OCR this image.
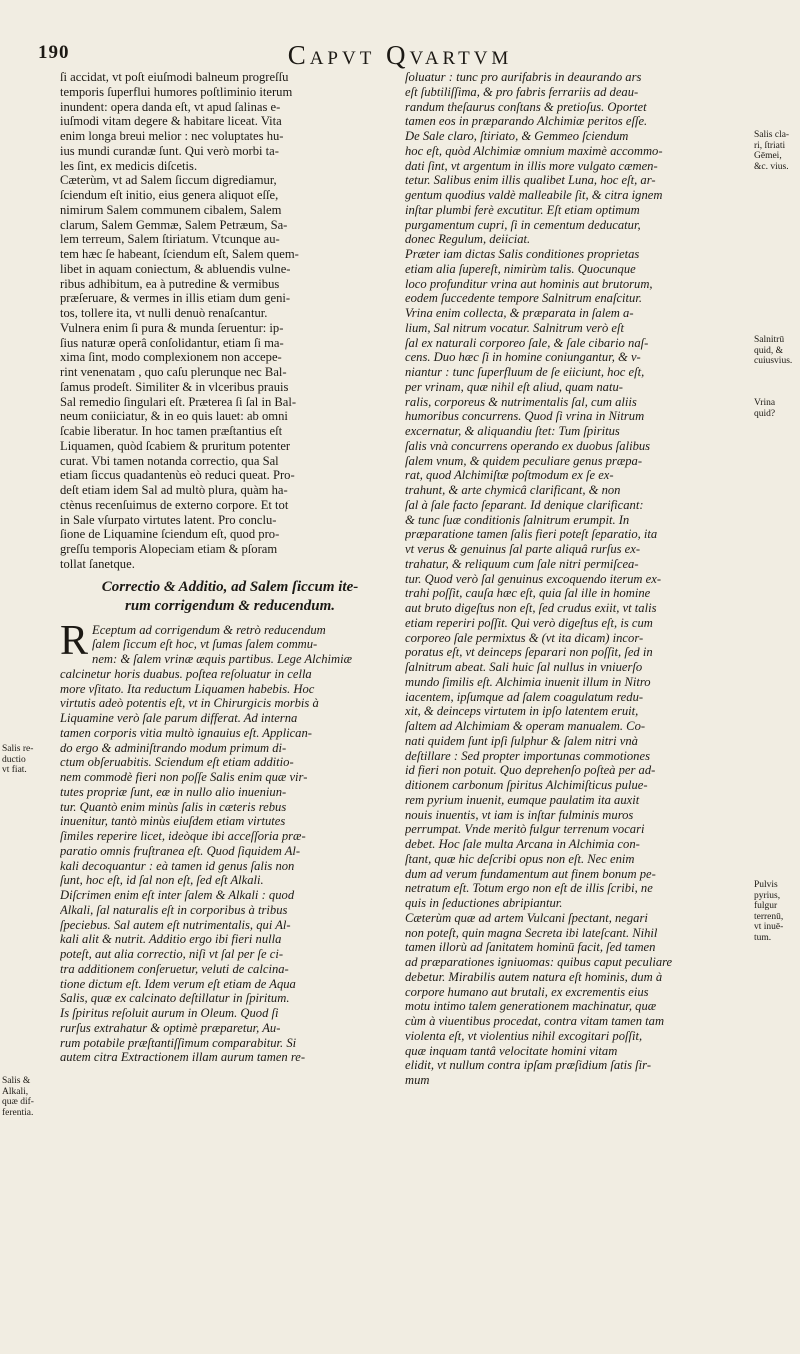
190	Capvt Qvartvm
ſi accidat, vt poſt eiuſmodi balneum progreſſu
temporis ſuperflui humores poſtliminio iterum
inundent: opera danda eſt, vt apud ſalinas e-
iuſmodi vitam degere & habitare liceat. Vita
enim longa breui melior : nec voluptates hu-
ius mundi curandæ ſunt. Qui verò morbi ta-
les ſint, ex medicis diſcetis.
Cæterùm, vt ad Salem ſiccum digrediamur,
ſciendum eſt initio, eius genera aliquot eſſe,
nimirum Salem communem cibalem, Salem
clarum, Salem Gemmæ, Salem Petræum, Sa-
lem terreum, Salem ſtiriatum. Vtcunque au-
tem hæc ſe habeant, ſciendum eſt, Salem quem-
libet in aquam coniectum, & abluendis vulne-
ribus adhibitum, ea à putredine & vermibus
præſeruare, & vermes in illis etiam dum geni-
tos, tollere ita, vt nulli denuò renaſcantur.
Vulnera enim ſi pura & munda ſeruentur: ip-
ſius naturæ operâ conſolidantur, etiam ſi ma-
xima ſint, modo complexionem non accepe-
rint venenatam , quo caſu plerunque nec Bal-
ſamus prodeſt. Similiter & in vlceribus prauis
Sal remedio ſingulari eſt. Præterea ſi ſal in Bal-
neum coniiciatur, & in eo quis lauet: ab omni
ſcabie liberatur. In hoc tamen præſtantius eſt
Liquamen, quòd ſcabiem & pruritum potenter
curat. Vbi tamen notanda correctio, qua Sal
etiam ſiccus quadantenùs eò reduci queat. Pro-
deſt etiam idem Sal ad multò plura, quàm ha-
ctènus recenſuimus de externo corpore. Et tot
in Sale vſurpato virtutes latent. Pro conclu-
ſione de Liquamine ſciendum eſt, quod pro-
greſſu temporis Alopeciam etiam & pſoram
tollat ſanetque.
Correctio & Additio, ad Salem ſiccum ite-
rum corrigendum & reducendum.
R Eceptum ad corrigendum & retrò reducendum
ſalem ſiccum eſt hoc, vt ſumas ſalem commu-
nem: & ſalem vrinæ æquis partibus. Lege Alchimiæ
calcinetur horis duabus. poſtea reſoluatur in cella
more vſitato. Ita reductum Liquamen habebis. Hoc
virtutis adeò potentis eſt, vt in Chirurgicis morbis à
Liquamine verò ſale parum differat. Ad interna
tamen corporis vitia multò ignauius eſt. Applican-
do ergo & adminiſtrando modum primum di-
ctum obſeruabitis. Sciendum eſt etiam additio-
nem commodè fieri non poſſe Salis enim quæ vir-
tutes propriæ ſunt, eæ in nullo alio inueniun-
tur. Quantò enim minùs ſalis in cæteris rebus
inuenitur, tantò minùs eiuſdem etiam virtutes
ſimiles reperire licet, ideòque ibi acceſſoria præ-
paratio omnis fruſtranea eſt. Quod ſiquidem Al-
kali decoquantur : eà tamen id genus ſalis non
ſunt, hoc eſt, id ſal non eſt, ſed eſt Alkali.
Diſcrimen enim eſt inter ſalem & Alkali : quod
Alkali, ſal naturalis eſt in corporibus à tribus
ſpeciebus. Sal autem eſt nutrimentalis, qui Al-
kali alit & nutrit. Additio ergo ibi fieri nulla
poteſt, aut alia correctio, niſi vt ſal per ſe ci-
tra additionem conſeruetur, veluti de calcina-
tione dictum eſt. Idem verum eſt etiam de Aqua
Salis, quæ ex calcinato deſtillatur in ſpiritum.
Is ſpiritus reſoluit aurum in Oleum. Quod ſi
rurſus extrahatur & optimè præparetur, Au-
rum potabile præſtantiſſimum comparabitur. Si
autem citra Extractionem illam aurum tamen re-
ſoluatur : tunc pro aurifabris in deaurando ars
eſt ſubtiliſſima, & pro fabris ferrariis ad deau-
randum theſaurus conſtans & pretioſus. Oportet
tamen eos in præparando Alchimiæ peritos eſſe.
De Sale claro, ſtiriato, & Gemmeo ſciendum
hoc eſt, quòd Alchimiæ omnium maximè accommo-
dati ſint, vt argentum in illis more vulgato cæmen-
tetur. Salibus enim illis qualibet Luna, hoc eſt, ar-
gentum quodius valdè malleabile ſit, & citra ignem
inſtar plumbi ferè excutitur. Eſt etiam optimum
purgamentum cupri, ſi in cementum deducatur,
donec Regulum, deiiciat.
Præter iam dictas Salis conditiones proprietas
etiam alia ſupereſt, nimirùm talis. Quocunque
loco profunditur vrina aut hominis aut brutorum,
eodem ſuccedente tempore Salnitrum enaſcitur.
Vrina enim collecta, & præparata in ſalem a-
lium, Sal nitrum vocatur. Salnitrum verò eſt
ſal ex naturali corporeo ſale, & ſale cibario naſ-
cens. Duo hæc ſi in homine coniungantur, & v-
niantur : tunc ſuperfluum de ſe eiiciunt, hoc eſt,
per vrinam, quæ nihil eſt aliud, quam natu-
ralis, corporeus & nutrimentalis ſal, cum aliis
humoribus concurrens. Quod ſi vrina in Nitrum
excernatur, & aliquandiu ſtet: Tum ſpiritus
ſalis vnà concurrens operando ex duobus ſalibus
ſalem vnum, & quidem peculiare genus præpa-
rat, quod Alchimiſtæ poſtmodum ex ſe ex-
trahunt, & arte chymicâ clarificant, & non
ſal à ſale facto ſeparant. Id denique clarificant:
& tunc ſuæ conditionis ſalnitrum erumpit. In
præparatione tamen ſalis fieri poteſt ſeparatio, ita
vt verus & genuinus ſal parte aliquâ rurſus ex-
trahatur, & reliquum cum ſale nitri permiſcea-
tur. Quod verò ſal genuinus excoquendo iterum ex-
trahi poſſit, cauſa hæc eſt, quia ſal ille in homine
aut bruto digeſtus non eſt, ſed crudus exiit, vt talis
etiam reperiri poſſit. Qui verò digeſtus eſt, is cum
corporeo ſale permixtus & (vt ita dicam) incor-
poratus eſt, vt deinceps ſeparari non poſſit, ſed in
ſalnitrum abeat. Sali huic ſal nullus in vniuerſo
mundo ſimilis eſt. Alchimia inuenit illum in Nitro
iacentem, ipſumque ad ſalem coagulatum redu-
xit, & deinceps virtutem in ipſo latentem eruit,
ſaltem ad Alchimiam & operam manualem. Co-
nati quidem ſunt ipſi ſulphur & ſalem nitri vnà
deſtillare : Sed propter importunas commotiones
id fieri non potuit. Quo deprehenſo poſteà per ad-
ditionem carbonum ſpiritus Alchimiſticus pulue-
rem pyrium inuenit, eumque paulatim ita auxit
nouis inuentis, vt iam is inſtar fulminis muros
perrumpat. Vnde meritò fulgur terrenum vocari
debet. Hoc ſale multa Arcana in Alchimia con-
ſtant, quæ hic deſcribi opus non eſt. Nec enim
dum ad verum fundamentum aut finem bonum pe-
netratum eſt. Totum ergo non eſt de illis ſcribi, ne
quis in ſeductiones abripiantur.
Cæterùm quæ ad artem Vulcani ſpectant, negari
non poteſt, quin magna Secreta ibi lateſcant. Nihil
tamen illorù ad ſanitatem hominū facit, ſed tamen
ad præparationes igniuomas: quibus caput peculiare
debetur. Mirabilis autem natura eſt hominis, dum à
corpore humano aut brutali, ex excrementis eius
motu intimo talem generationem machinatur, quæ
cùm à viuentibus procedat, contra vitam tamen tam
violenta eſt, vt violentius nihil excogitari poſſit,
quæ inquam tantâ velocitate homini vitam
elidit, vt nullum contra ipſam præſidium ſatis ſir-
mum
Salis re-
ductio
vt fiat.
Salis &
Alkali,
quæ dif-
ferentia.
Salis cla-
ri, ſtriati
Gēmei,
&c. vius.
Salnitrū
quid, &
cuiusvius.
Vrina
quid?
Pulvis
pyrius,
fulgur
terrenū,
vt inuē-
tum.
